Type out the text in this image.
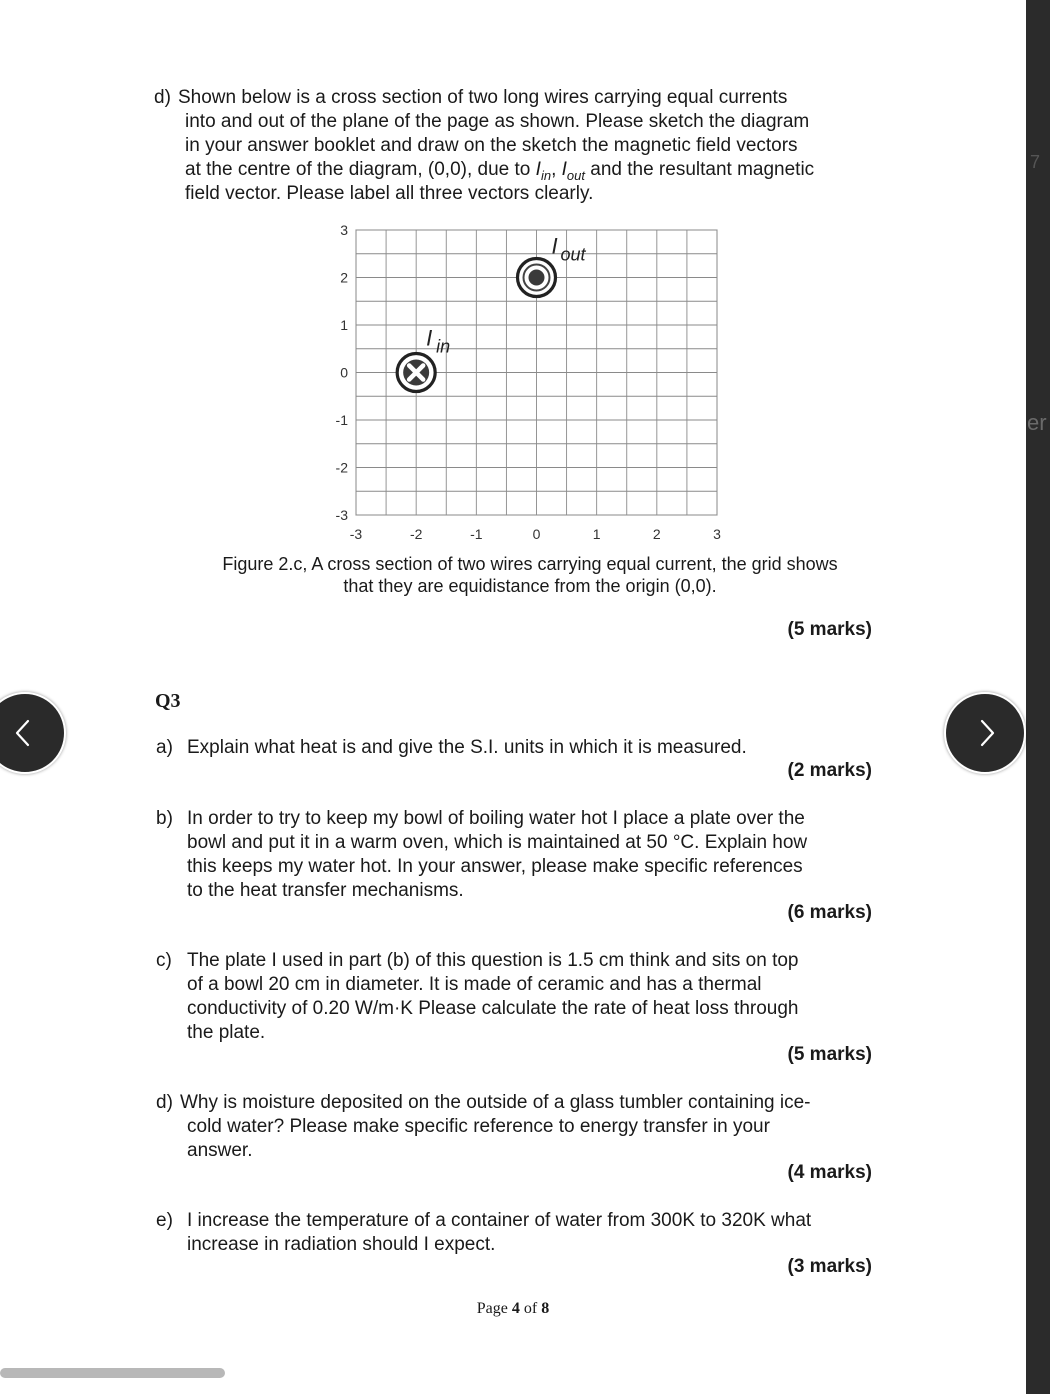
d) Shown below is a cross section of two long wires carrying equal currents
into and out of the plane of the page as shown. Please sketch the diagram
in your answer booklet and draw on the sketch the magnetic field vectors
at the centre of the diagram, (0,0), due to $I_{in}$, $I_{out}$ and the resultant magnetic
field vector. Please label all three vectors clearly.
-3	-2	-1	0	1	2	3
3
2
1
0
-1
-2
-3
I in
I out
Figure 2.c, A cross section of two wires carrying equal current, the grid shows
that they are equidistance from the origin (0,0).
(5 marks)
Q3
a) Explain what heat is and give the S.I. units in which it is measured.
(2 marks)
b) In order to try to keep my bowl of boiling water hot I place a plate over the
bowl and put it in a warm oven, which is maintained at 50 °C. Explain how
this keeps my water hot. In your answer, please make specific references
to the heat transfer mechanisms.
(6 marks)
c) The plate I used in part (b) of this question is 1.5 cm think and sits on top
of a bowl 20 cm in diameter. It is made of ceramic and has a thermal
conductivity of 0.20 W/m·K Please calculate the rate of heat loss through
the plate.
(5 marks)
d) Why is moisture deposited on the outside of a glass tumbler containing ice-
cold water? Please make specific reference to energy transfer in your
answer.
(4 marks)
e) I increase the temperature of a container of water from 300K to 320K what
increase in radiation should I expect.
(3 marks)
Page 4 of 8
7
er
